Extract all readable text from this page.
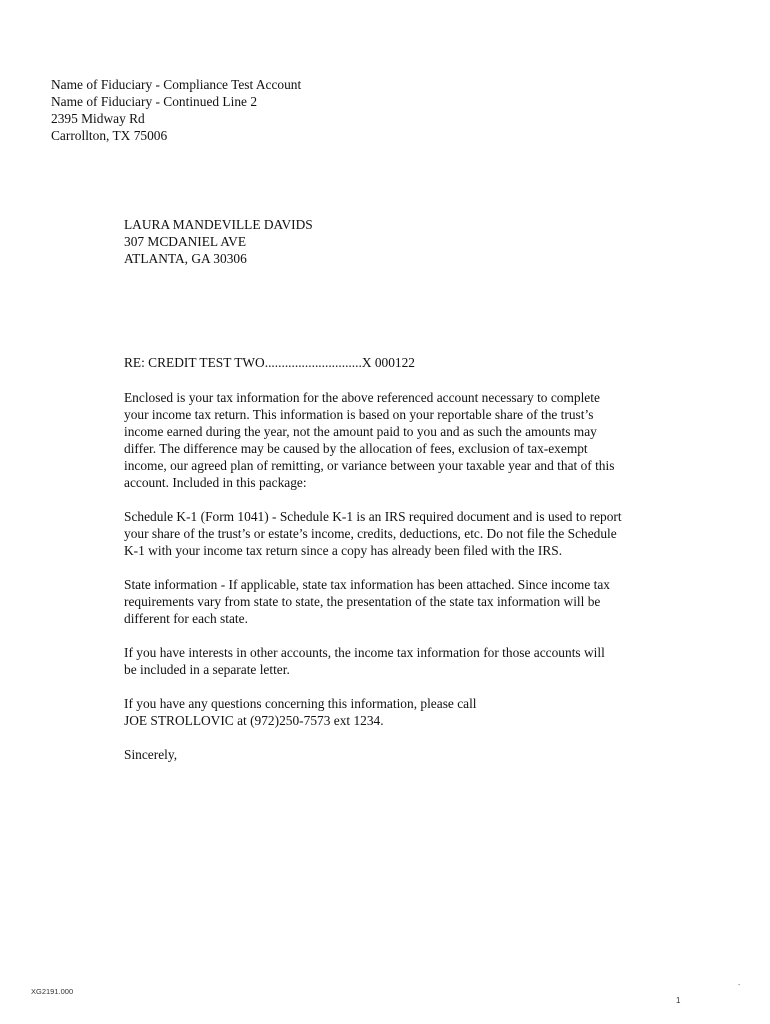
Name of Fiduciary - Compliance Test Account
Name of Fiduciary - Continued Line 2
2395 Midway Rd
Carrollton, TX 75006
LAURA MANDEVILLE DAVIDS
307 MCDANIEL AVE
ATLANTA, GA 30306
RE: CREDIT TEST TWO.............................X 000122
Enclosed is your tax information for the above referenced account necessary to complete
your income tax return. This information is based on your reportable share of the trust’s
income earned during the year, not the amount paid to you and as such the amounts may
differ. The difference may be caused by the allocation of fees, exclusion of tax-exempt
income, our agreed plan of remitting, or variance between your taxable year and that of this
account. Included in this package:
Schedule K-1 (Form 1041) - Schedule K-1 is an IRS required document and is used to report
your share of the trust’s or estate’s income, credits, deductions, etc. Do not file the Schedule
K-1 with your income tax return since a copy has already been filed with the IRS.
State information - If applicable, state tax information has been attached. Since income tax
requirements vary from state to state, the presentation of the state tax information will be
different for each state.
If you have interests in other accounts, the income tax information for those accounts will
be included in a separate letter.
If you have any questions concerning this information, please call
JOE STROLLOVIC at (972)250-7573 ext 1234.
Sincerely,
-
XG2191.000
1
